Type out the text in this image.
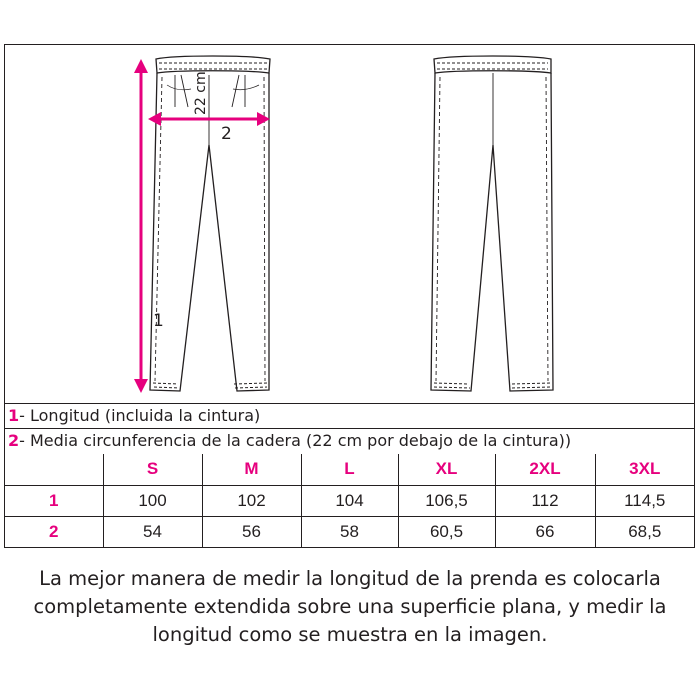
1
2
22 cm
1- Longitud (incluida la cintura)
2- Media circunferencia de la cadera (22 cm por debajo de la cintura))
	S	M	L	XL	2XL	3XL
1	100	102	104	106,5	112	114,5
2	54	56	58	60,5	66	68,5
La mejor manera de medir la longitud de la prenda es colocarla
completamente extendida sobre una superficie plana, y medir la
longitud como se muestra en la imagen.
